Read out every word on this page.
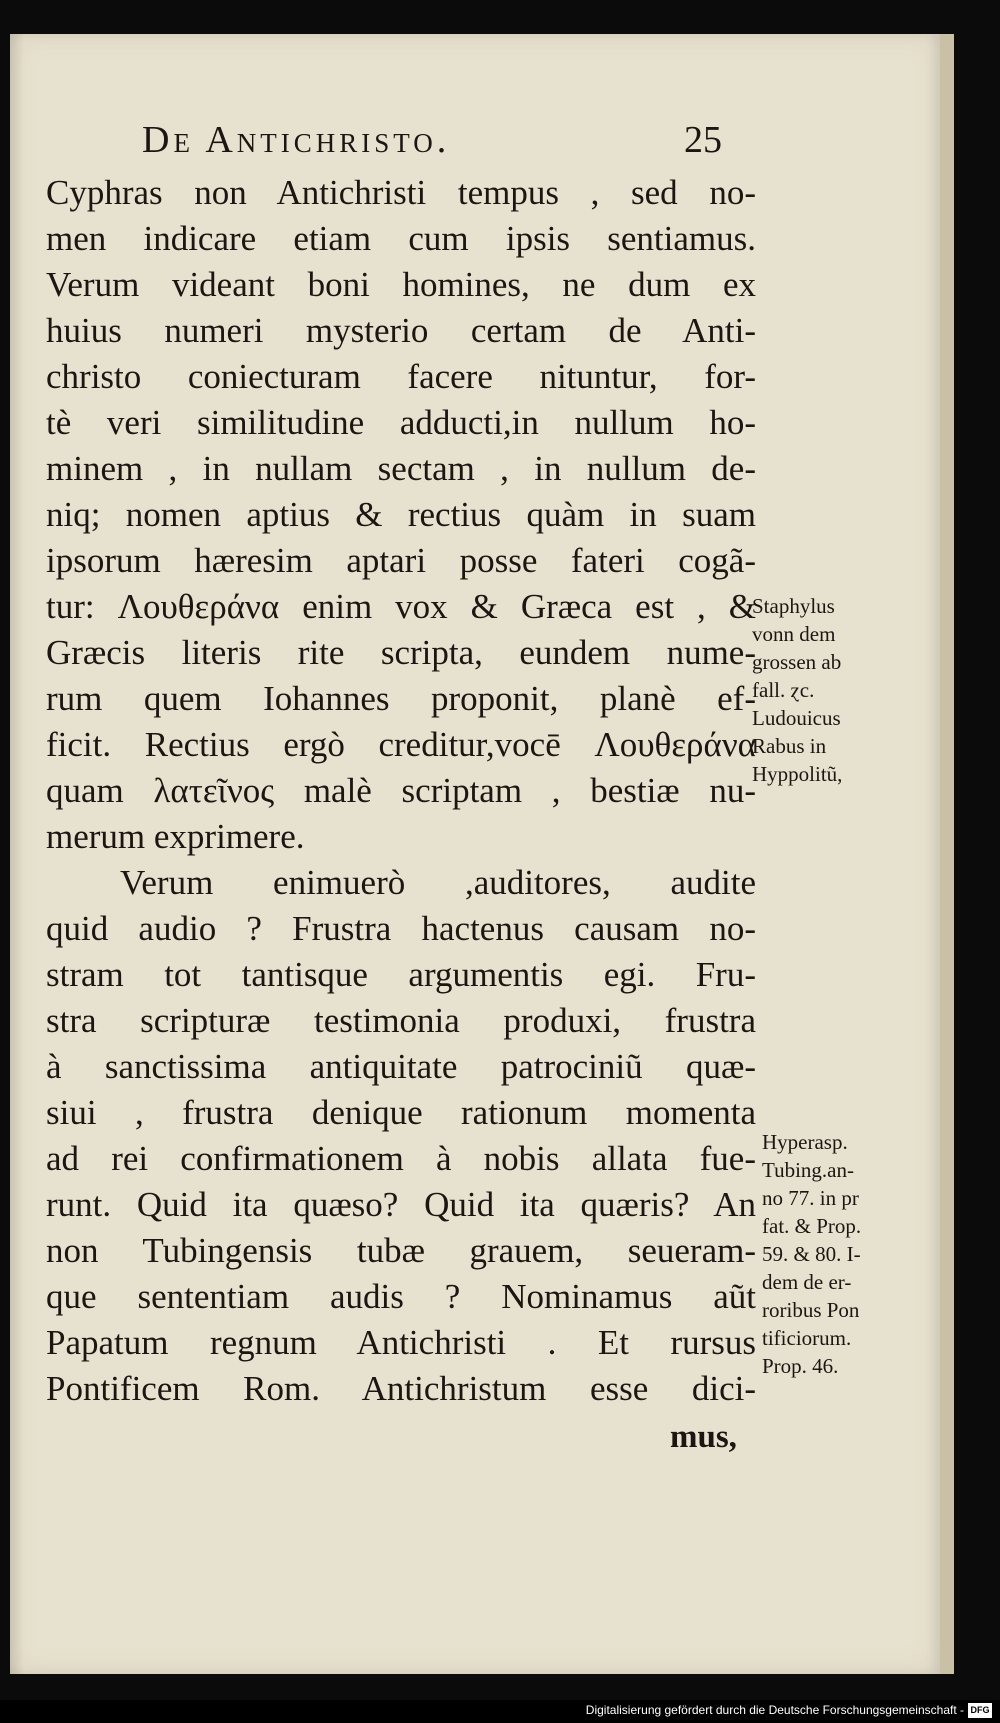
De Antichristo.	25
Cyphras non Antichristi tempus , sed no-
men indicare etiam cum ipsis sentiamus.
Verum videant boni homines, ne dum ex
huius numeri mysterio certam de Anti-
christo coniecturam facere nituntur, for-
tè veri similitudine adducti,in nullum ho-
minem , in nullam sectam , in nullum de-
niq; nomen aptius & rectius quàm in suam
ipsorum hæresim aptari posse fateri cogã-
tur: Λουθεράνα enim vox & Græca est , &
Græcis literis rite scripta, eundem nume-
rum quem Iohannes proponit, planè ef-
ficit. Rectius ergò creditur,vocē Λουθεράνα
quam λατεῖνος malè scriptam , bestiæ nu-
merum exprimere.
Verum enimuerò ,auditores, audite
quid audio ? Frustra hactenus causam no-
stram tot tantisque argumentis egi. Fru-
stra scripturæ testimonia produxi, frustra
à sanctissima antiquitate patrociniũ quæ-
siui , frustra denique rationum momenta
ad rei confirmationem à nobis allata fue-
runt. Quid ita quæso? Quid ita quæris? An
non Tubingensis tubæ grauem, seueram-
que sententiam audis ? Nominamus aũt
Papatum regnum Antichristi . Et rursus
Pontificem Rom. Antichristum esse dici-
mus,
Staphylus
vonn dem
grossen ab
fall. ɀc.
Ludouicus
Rabus in
Hyppolitũ,
Hyperasp.
Tubing.an-
no 77. in pr
fat. & Prop.
59. & 80. I-
dem de er-
roribus Pon
tificiorum.
Prop. 46.
Digitalisierung gefördert durch die Deutsche Forschungsgemeinschaft - DFG
